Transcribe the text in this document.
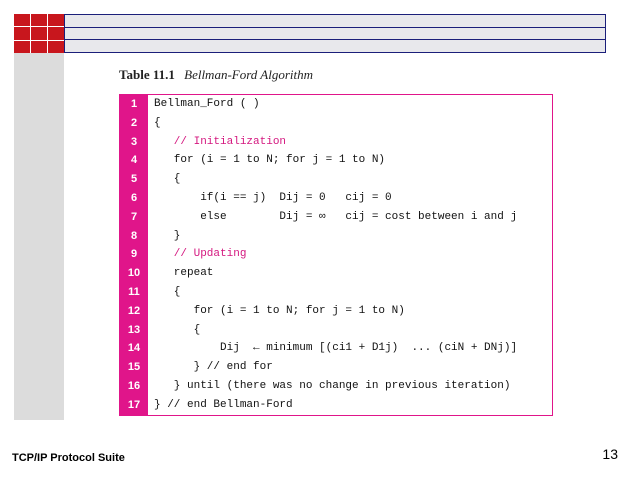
Table 11.1 Bellman-Ford Algorithm
1
2
3
4
5
6
7
8
9
10
11
12
13
14
15
16
17
Bellman_Ford ( )
{
// Initialization
for (i = 1 to N; for j = 1 to N)
{
if(i == j)  Dij = 0   cij = 0
else        Dij = ∞   cij = cost between i and j
}
// Updating
repeat
{
for (i = 1 to N; for j = 1 to N)
{
Dij  ← minimum [(ci1 + D1j)  ... (ciN + DNj)]
} // end for
} until (there was no change in previous iteration)
} // end Bellman-Ford
TCP/IP Protocol Suite	13
